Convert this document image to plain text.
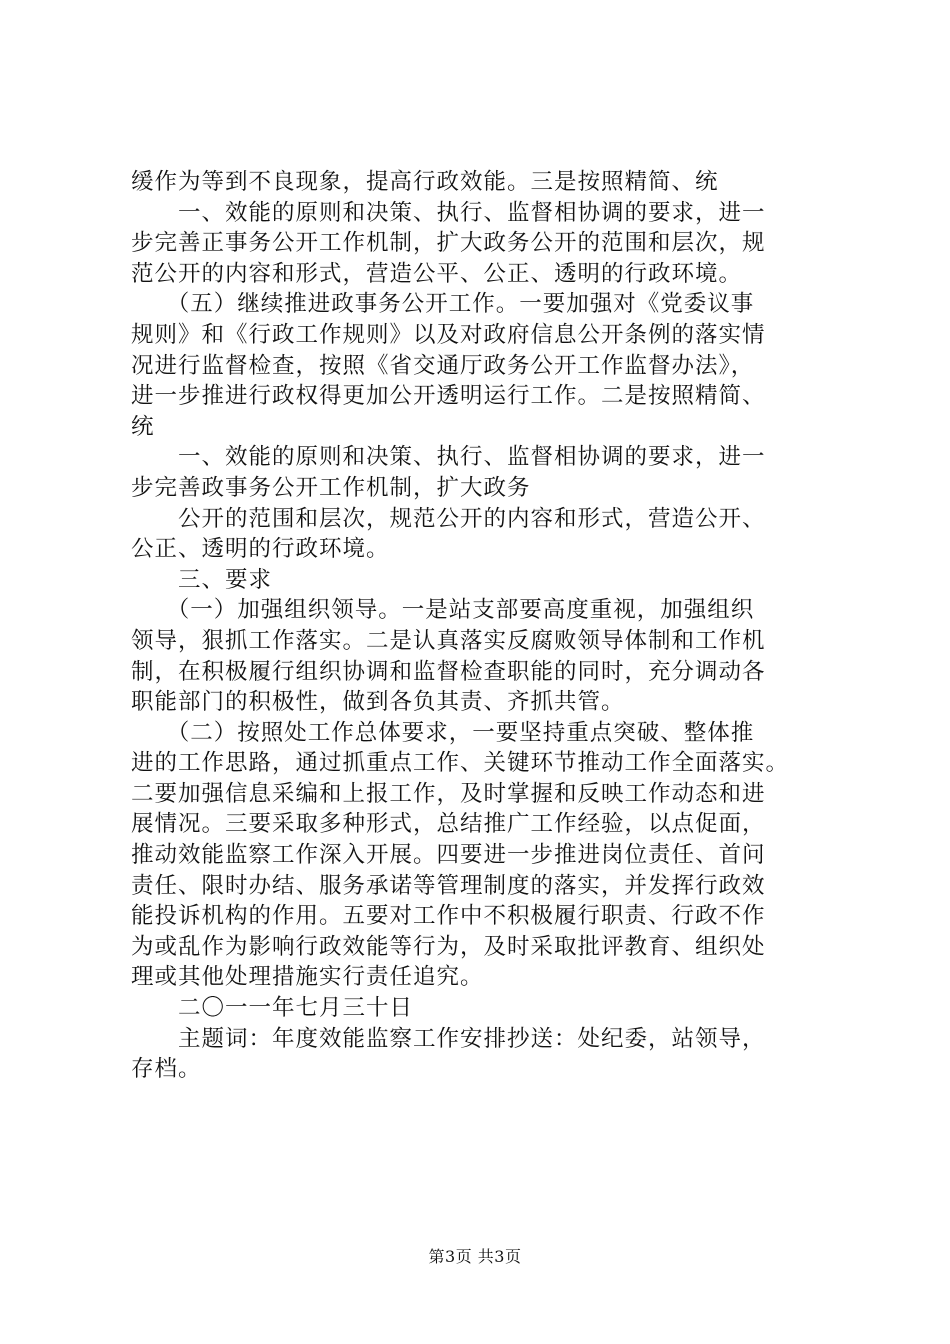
缓作为等到不良现象，提高行政效能。三是按照精简、统
　　一、效能的原则和决策、执行、监督相协调的要求，进一
步完善正事务公开工作机制，扩大政务公开的范围和层次，规
范公开的内容和形式，营造公平、公正、透明的行政环境。
　　（五）继续推进政事务公开工作。一要加强对《党委议事
规则》和《行政工作规则》以及对政府信息公开条例的落实情
况进行监督检查，按照《省交通厅政务公开工作监督办法》，
进一步推进行政权得更加公开透明运行工作。二是按照精简、
统
　　一、效能的原则和决策、执行、监督相协调的要求，进一
步完善政事务公开工作机制，扩大政务
　　公开的范围和层次，规范公开的内容和形式，营造公开、
公正、透明的行政环境。
　　三、要求
　　（一）加强组织领导。一是站支部要高度重视，加强组织
领导，狠抓工作落实。二是认真落实反腐败领导体制和工作机
制，在积极履行组织协调和监督检查职能的同时，充分调动各
职能部门的积极性，做到各负其责、齐抓共管。
　　（二）按照处工作总体要求，一要坚持重点突破、整体推
进的工作思路，通过抓重点工作、关键环节推动工作全面落实。
二要加强信息采编和上报工作，及时掌握和反映工作动态和进
展情况。三要采取多种形式，总结推广工作经验，以点促面，
推动效能监察工作深入开展。四要进一步推进岗位责任、首问
责任、限时办结、服务承诺等管理制度的落实，并发挥行政效
能投诉机构的作用。五要对工作中不积极履行职责、行政不作
为或乱作为影响行政效能等行为，及时采取批评教育、组织处
理或其他处理措施实行责任追究。
　　二〇一一年七月三十日
　　主题词：年度效能监察工作安排抄送：处纪委，站领导，
存档。
第3页 共3页
